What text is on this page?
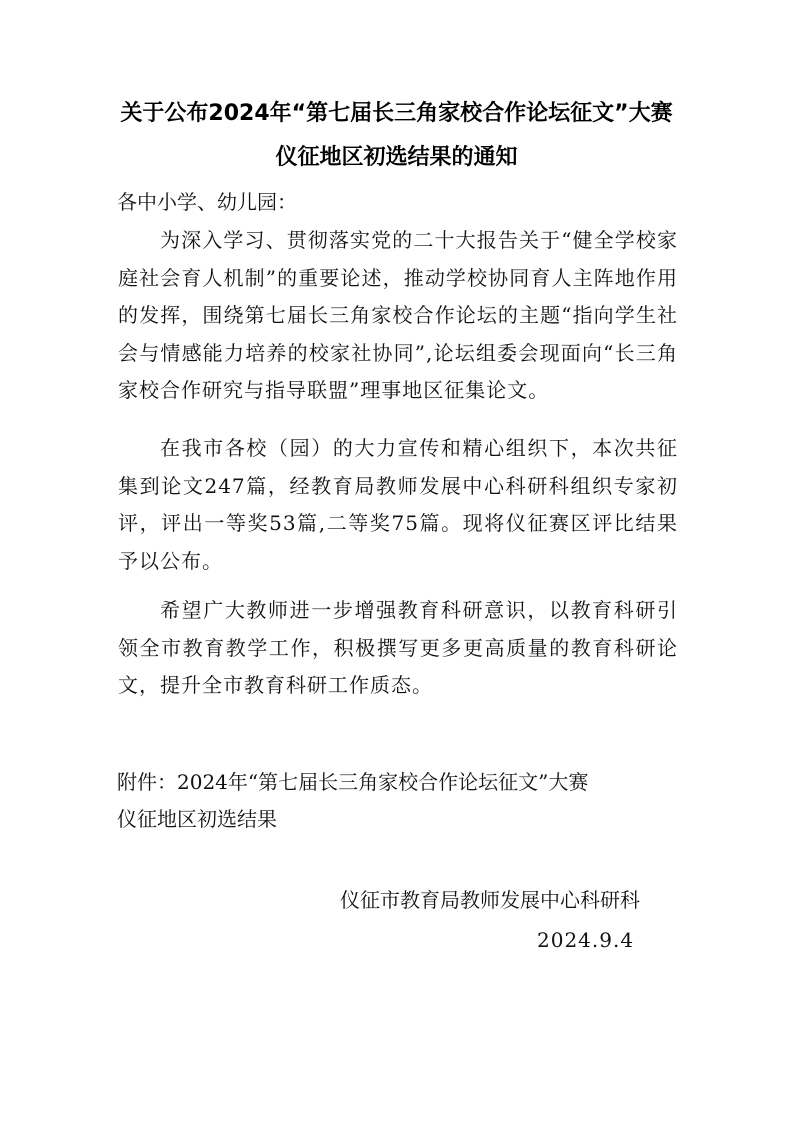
关于公布2024年“第七届长三角家校合作论坛征文”大赛
仪征地区初选结果的通知
各中小学、幼儿园：

为深入学习、贯彻落实党的二十大报告关于“健全学校家庭社会育人机制”的重要论述，推动学校协同育人主阵地作用的发挥，围绕第七届长三角家校合作论坛的主题“指向学生社会与情感能力培养的校家社协同”,论坛组委会现面向“长三角家校合作研究与指导联盟”理事地区征集论文。

在我市各校（园）的大力宣传和精心组织下，本次共征集到论文247篇，经教育局教师发展中心科研科组织专家初评，评出一等奖53篇,二等奖75篇。现将仪征赛区评比结果予以公布。

希望广大教师进一步增强教育科研意识，以教育科研引领全市教育教学工作，积极撰写更多更高质量的教育科研论文，提升全市教育科研工作质态。

附件：2024年“第七届长三角家校合作论坛征文”大赛
仪征地区初选结果
仪征市教育局教师发展中心科研科
2024.9.4
